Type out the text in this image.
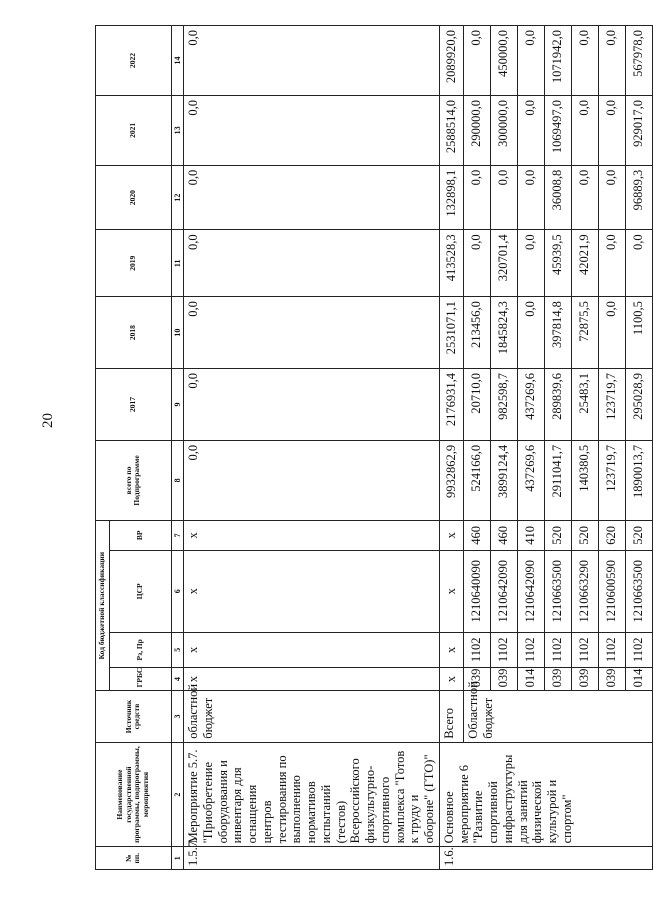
20
№ пп.	Наименование государственной программы, подпрограммы, мероприятия	Источник средств	Код бюджетной классификации				всего по Подпрограмме	2017	2018	2019	2020	2021	2022
			ГРБС	Рз, Пр	ЦСР	ВР							
1	2	3	4	5	6	7	8	9	10	11	12	13	14
1.5.7.	Мероприятие 5.7. "Приобретение оборудования и инвентаря для оснащения центров тестирования по выполнению нормативов испытаний (тестов) Всероссийского физкультурно-спортивного комплекса "Готов к труду и обороне" (ГТО)"	областной бюджет	x	x	x	x	0,0	0,0	0,0	0,0	0,0	0,0	0,0
1.6.	Основное мероприятие 6 "Развитие спортивной инфраструктуры для занятий физической культурой и спортом"	Всего	x	x	x	x	9932862,9	2176931,4	2531071,1	413528,3	132898,1	2588514,0	2089920,0
		Областной бюджет	039	1102	1210640090	460	524166,0	20710,0	213456,0	0,0	0,0	290000,0	0,0
			039	1102	1210642090	460	3899124,4	982598,7	1845824,3	320701,4	0,0	300000,0	450000,0
			014	1102	1210642090	410	437269,6	437269,6	0,0	0,0	0,0	0,0	0,0
			039	1102	1210663500	520	2911041,7	289839,6	397814,8	45939,5	36008,8	1069497,0	1071942,0
			039	1102	1210663290	520	140380,5	25483,1	72875,5	42021,9	0,0	0,0	0,0
			039	1102	1210600590	620	123719,7	123719,7	0,0	0,0	0,0	0,0	0,0
			014	1102	1210663500	520	1890013,7	295028,9	1100,5	0,0	96889,3	929017,0	567978,0
